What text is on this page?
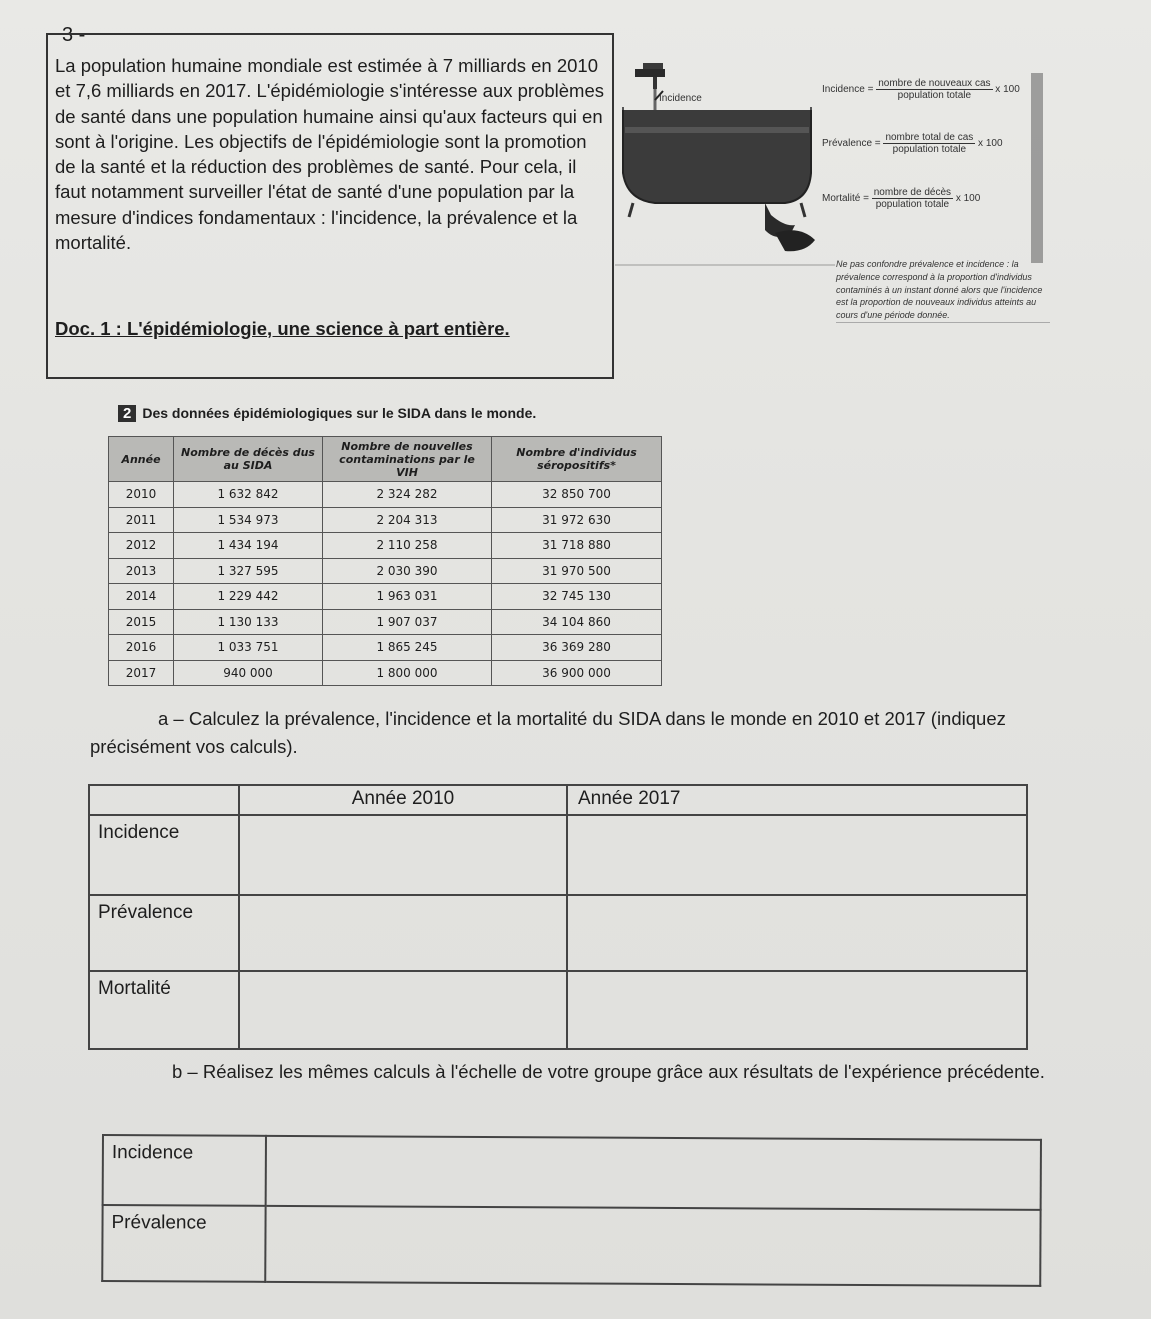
3 -

La population humaine mondiale est estimée à 7 milliards en 2010 et 7,6 milliards en 2017. L'épidémiologie s'intéresse aux problèmes de santé dans une population humaine ainsi qu'aux facteurs qui en sont à l'origine. Les objectifs de l'épidémiologie sont la promotion de la santé et la réduction des problèmes de santé. Pour cela, il faut notamment surveiller l'état de santé d'une population par la mesure d'indices fondamentaux : l'incidence, la prévalence et la mortalité.

Doc. 1 : L'épidémiologie, une science à part entière.
Incidence
Incidence = $\frac{\text{nombre de nouveaux cas}}{\text{population totale}}$ x 100
Prévalence = $\frac{\text{nombre total de cas}}{\text{population totale}}$ x 100
Mortalité = $\frac{\text{nombre de décès}}{\text{population totale}}$ x 100
Ne pas confondre prévalence et incidence : la prévalence correspond à la proportion d'individus contaminés à un instant donné alors que l'incidence est la proportion de nouveaux individus atteints au cours d'une période donnée.
2 Des données épidémiologiques sur le SIDA dans le monde.
Année	Nombre de décès dus au SIDA	Nombre de nouvelles contaminations par le VIH	Nombre d'individus séropositifs*
2010	1 632 842	2 324 282	32 850 700
2011	1 534 973	2 204 313	31 972 630
2012	1 434 194	2 110 258	31 718 880
2013	1 327 595	2 030 390	31 970 500
2014	1 229 442	1 963 031	32 745 130
2015	1 130 133	1 907 037	34 104 860
2016	1 033 751	1 865 245	36 369 280
2017	940 000	1 800 000	36 900 000
a – Calculez la prévalence, l'incidence et la mortalité du SIDA dans le monde en 2010 et 2017 (indiquez précisément vos calculs).
	Année 2010	Année 2017
Incidence		
Prévalence		
Mortalité		
b – Réalisez les mêmes calculs à l'échelle de votre groupe grâce aux résultats de l'expérience précédente.
Incidence	
Prévalence	
